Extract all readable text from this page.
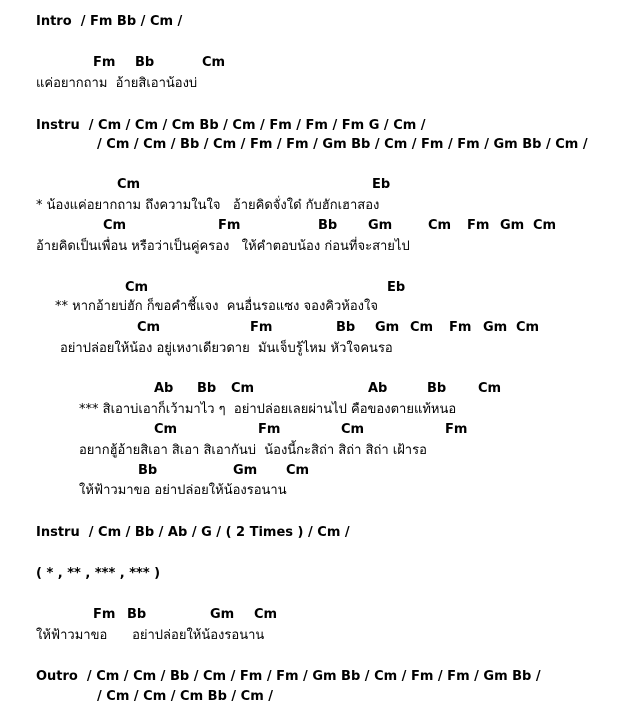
Intro  / Fm Bb / Cm /
Fm Bb	Cm
แค่อยากถาม  อ้ายสิเอาน้องบ่
Instru  / Cm / Cm / Cm Bb / Cm / Fm / Fm / Fm G / Cm /
/ Cm / Cm / Bb / Cm / Fm / Fm / Gm Bb / Cm / Fm / Fm / Gm Bb / Cm /
Cm	Eb
* น้องแค่อยากถาม ถึงความในใจ   อ้ายคิดจั่งใด๋ กับฮักเฮาสอง
Cm	Fm	Bb Gm	Cm Fm Gm Cm
อ้ายคิดเป็นเพื่อน หรือว่าเป็นคู่ครอง   ให้คำตอบน้อง ก่อนที่จะสายไป
Cm	Eb
** หากอ้ายบ่ฮัก ก็ขอคำชี้แจง  คนอื่นรอแซง จองคิวห้องใจ
Cm	Fm	Bb Gm Cm Fm Gm Cm
อย่าปล่อยให้น้อง อยู่เหงาเดียวดาย  มันเจ็บรู้ไหม หัวใจคนรอ
Ab Bb Cm	Ab	Bb Cm
*** สิเอาบ่เอาก็เว้ามาไว ๆ  อย่าปล่อยเลยผ่านไป คือของตายแท้หนอ
Cm	Fm	Cm	Fm
อยากฮู้อ้ายสิเอา สิเอา สิเอากันบ่  น้องนี้กะสิถ่า สิถ่า สิถ่า เฝ้ารอ
Bb	Gm Cm
ให้ฟ้าวมาขอ อย่าปล่อยให้น้องรอนาน
Instru  / Cm / Bb / Ab / G / ( 2 Times ) / Cm /
( * , ** , *** , *** )
Fm Bb	Gm Cm
ให้ฟ้าวมาขอ      อย่าปล่อยให้น้องรอนาน
Outro  / Cm / Cm / Bb / Cm / Fm / Fm / Gm Bb / Cm / Fm / Fm / Gm Bb /
/ Cm / Cm / Cm Bb / Cm /
